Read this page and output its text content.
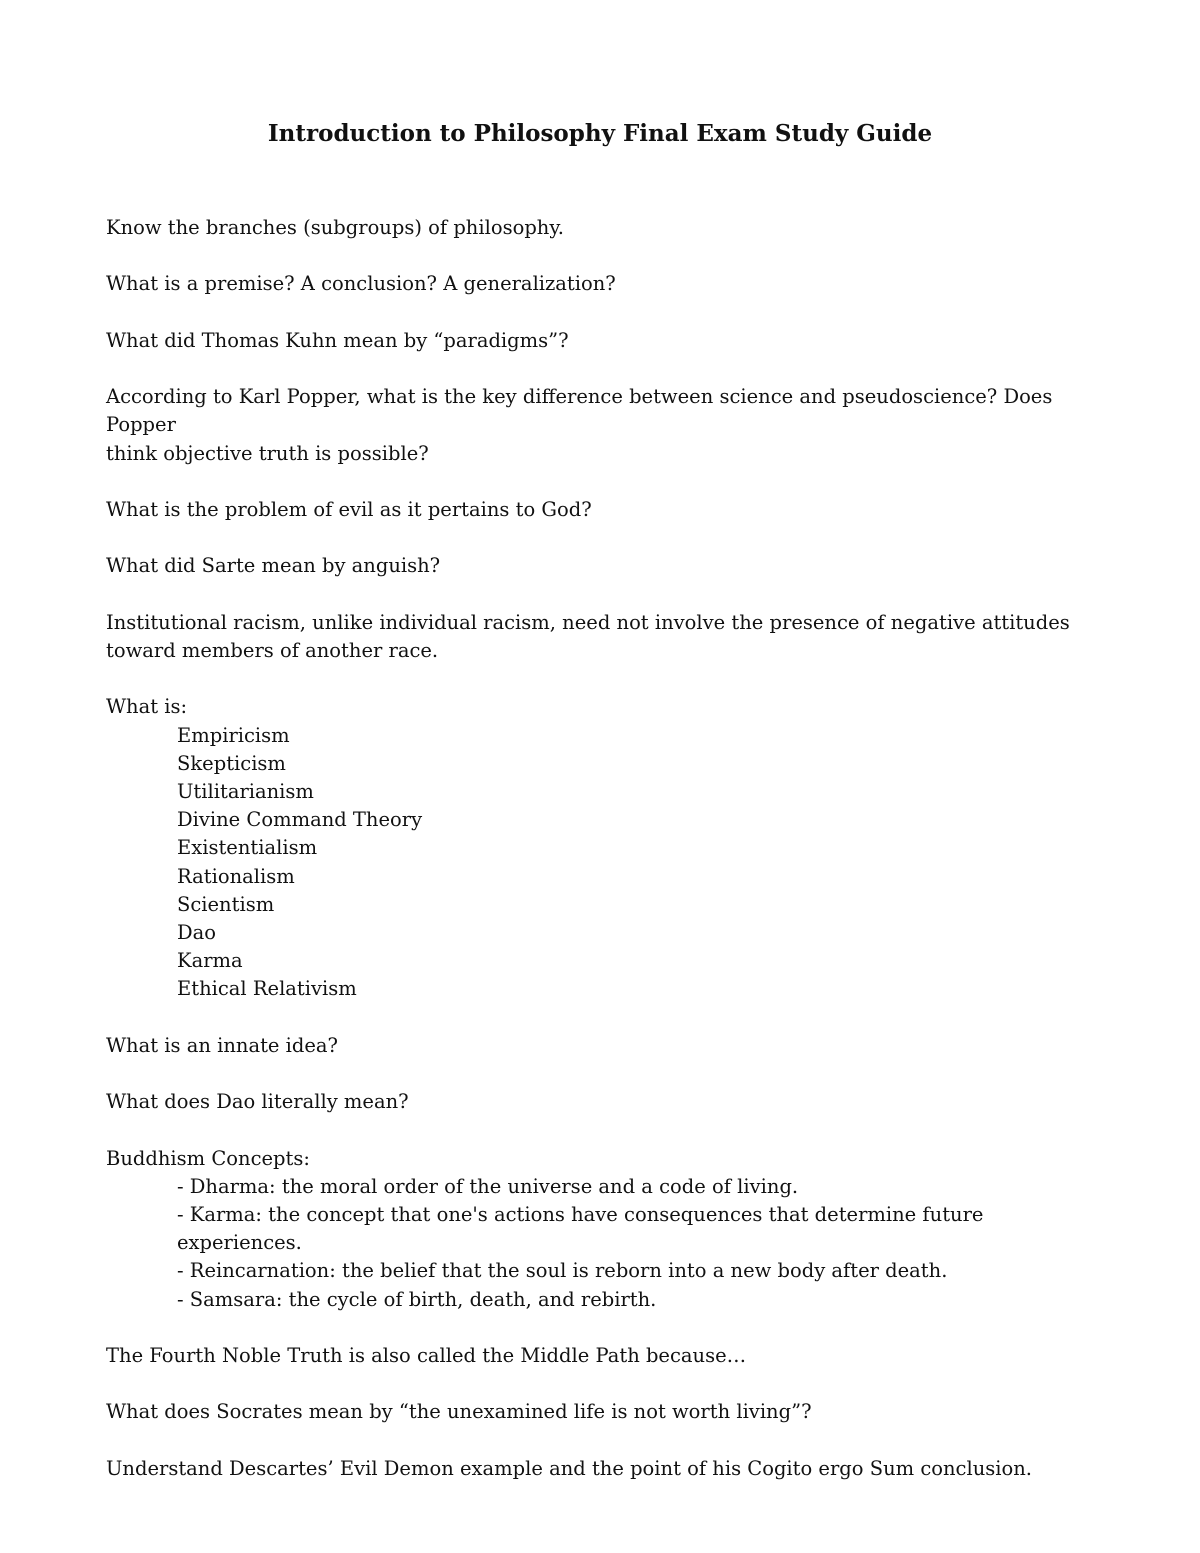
Introduction to Philosophy Final Exam Study Guide
Know the branches (subgroups) of philosophy.
What is a premise? A conclusion? A generalization?
What did Thomas Kuhn mean by “paradigms”?
According to Karl Popper, what is the key difference between science and pseudoscience? Does Popper
think objective truth is possible?
What is the problem of evil as it pertains to God?
What did Sarte mean by anguish?
Institutional racism, unlike individual racism, need not involve the presence of negative attitudes
toward members of another race.
What is:
Empiricism
Skepticism
Utilitarianism
Divine Command Theory
Existentialism
Rationalism
Scientism
Dao
Karma
Ethical Relativism
What is an innate idea?
What does Dao literally mean?
Buddhism Concepts:
- Dharma: the moral order of the universe and a code of living.
- Karma: the concept that one's actions have consequences that determine future experiences.
- Reincarnation: the belief that the soul is reborn into a new body after death.
- Samsara: the cycle of birth, death, and rebirth.
The Fourth Noble Truth is also called the Middle Path because…
What does Socrates mean by “the unexamined life is not worth living”?
Understand Descartes’ Evil Demon example and the point of his Cogito ergo Sum conclusion.
